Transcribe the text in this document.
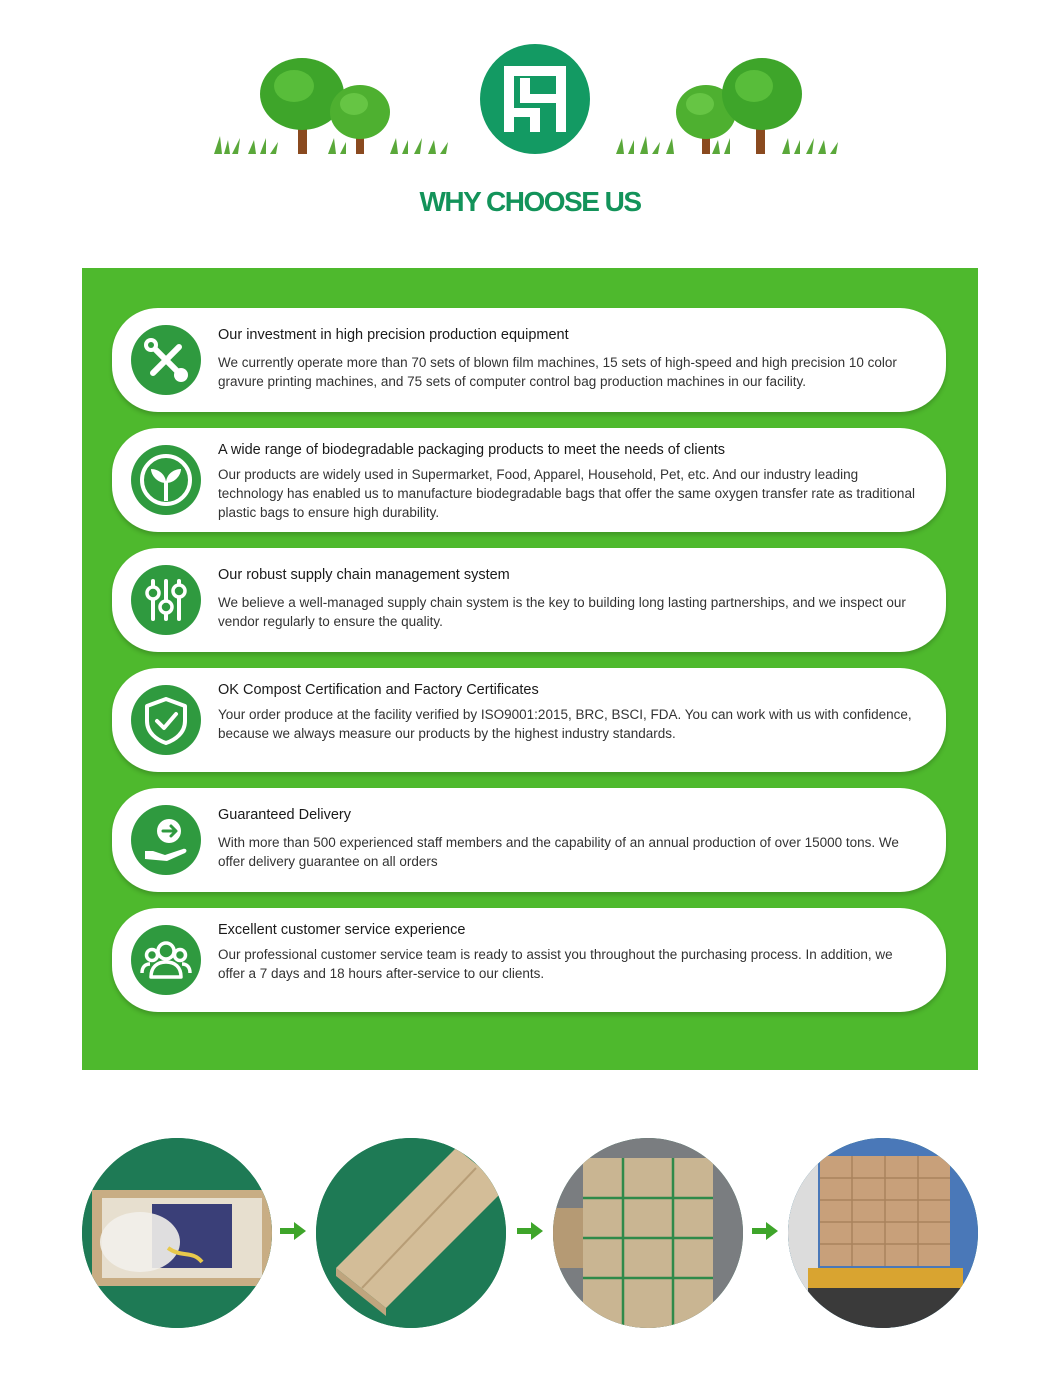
WHY CHOOSE US
Our investment in high precision production equipment
We currently operate more than 70 sets of blown film machines, 15 sets of high-speed and high precision 10 color gravure printing machines, and 75 sets of computer control bag production machines in our facility.
A wide range of biodegradable packaging products to meet the needs of clients
Our products are widely used in Supermarket, Food, Apparel, Household, Pet, etc. And our industry leading technology has enabled us to manufacture biodegradable bags that offer the same oxygen transfer rate as traditional plastic bags to ensure high durability.
Our robust supply chain management system
We believe a well-managed supply chain system is the key to building long lasting partnerships, and we inspect our vendor regularly to ensure the quality.
OK Compost Certification and Factory Certificates
Your order produce at the facility verified by ISO9001:2015, BRC, BSCI, FDA. You can work with us with confidence, because we always measure our products by the highest industry standards.
Guaranteed Delivery
With more than 500 experienced staff members and the capability of an annual production of over 15000 tons. We offer delivery guarantee on all orders
Excellent customer service experience
Our professional customer service team is ready to assist you throughout the purchasing process. In addition, we offer a 7 days and 18 hours after-service to our clients.
